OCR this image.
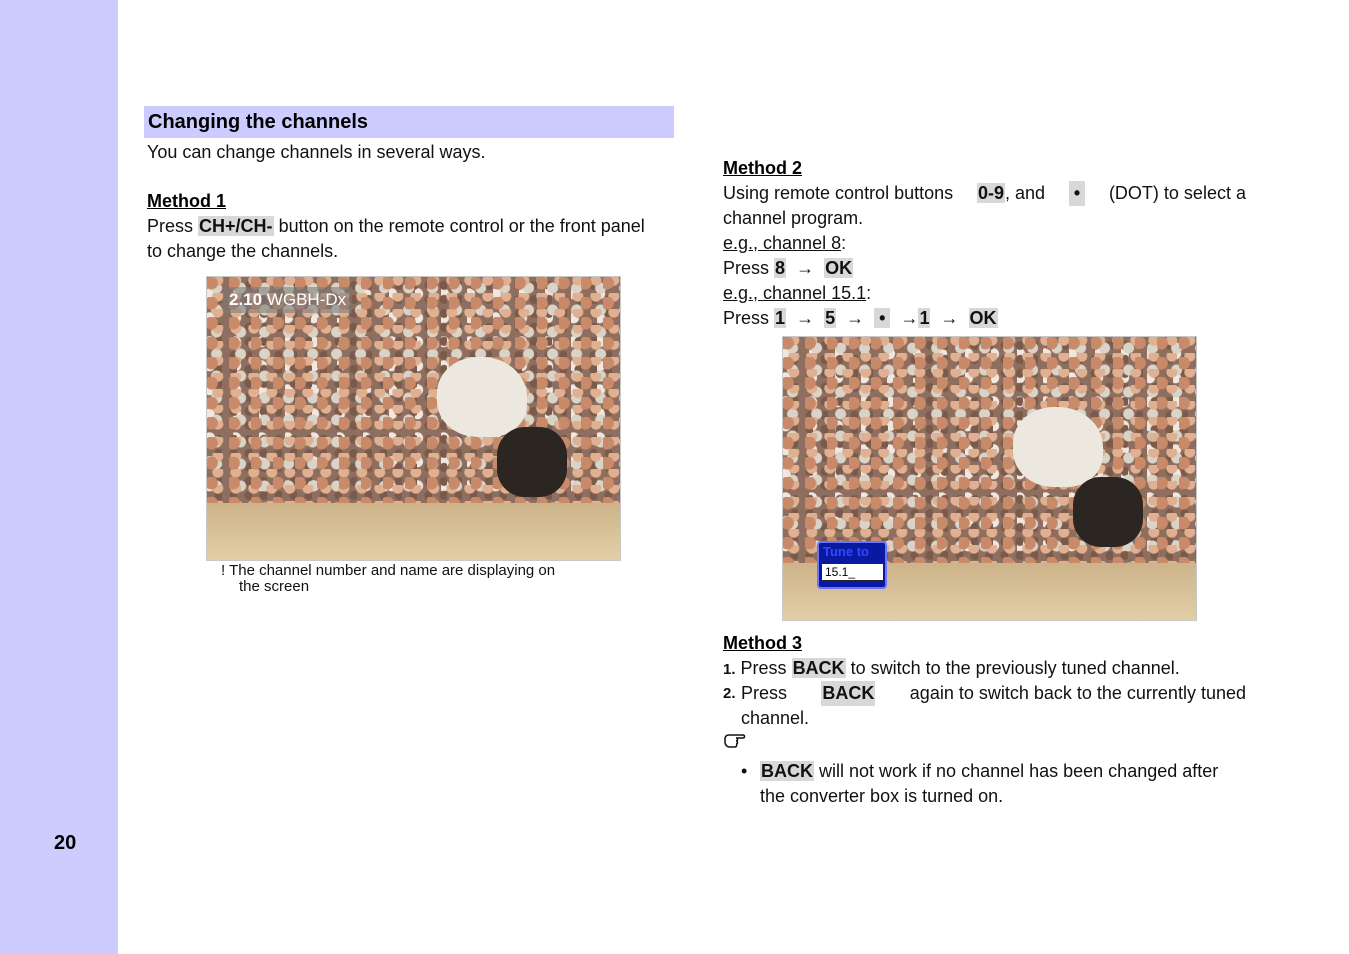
20
Changing the channels
You can change channels in several ways.
Method 1
Press CH+/CH- button on the remote control or the front panel
to change the channels.
2.10 WGBH-Dx
! The channel number and name are displaying on
the screen
Method 2
Using remote control buttons 0-9, and • (DOT) to select a
channel program.
e.g., channel 8:
Press 8 → OK
e.g., channel 15.1:
Press 1 → 5 → • →1 → OK
Tune to
15.1_
Method 3
1. Press BACK to switch to the previously tuned channel.
2. Press BACK again to switch back to the currently tuned
channel.
• BACK will not work if no channel has been changed after
the converter box is turned on.
